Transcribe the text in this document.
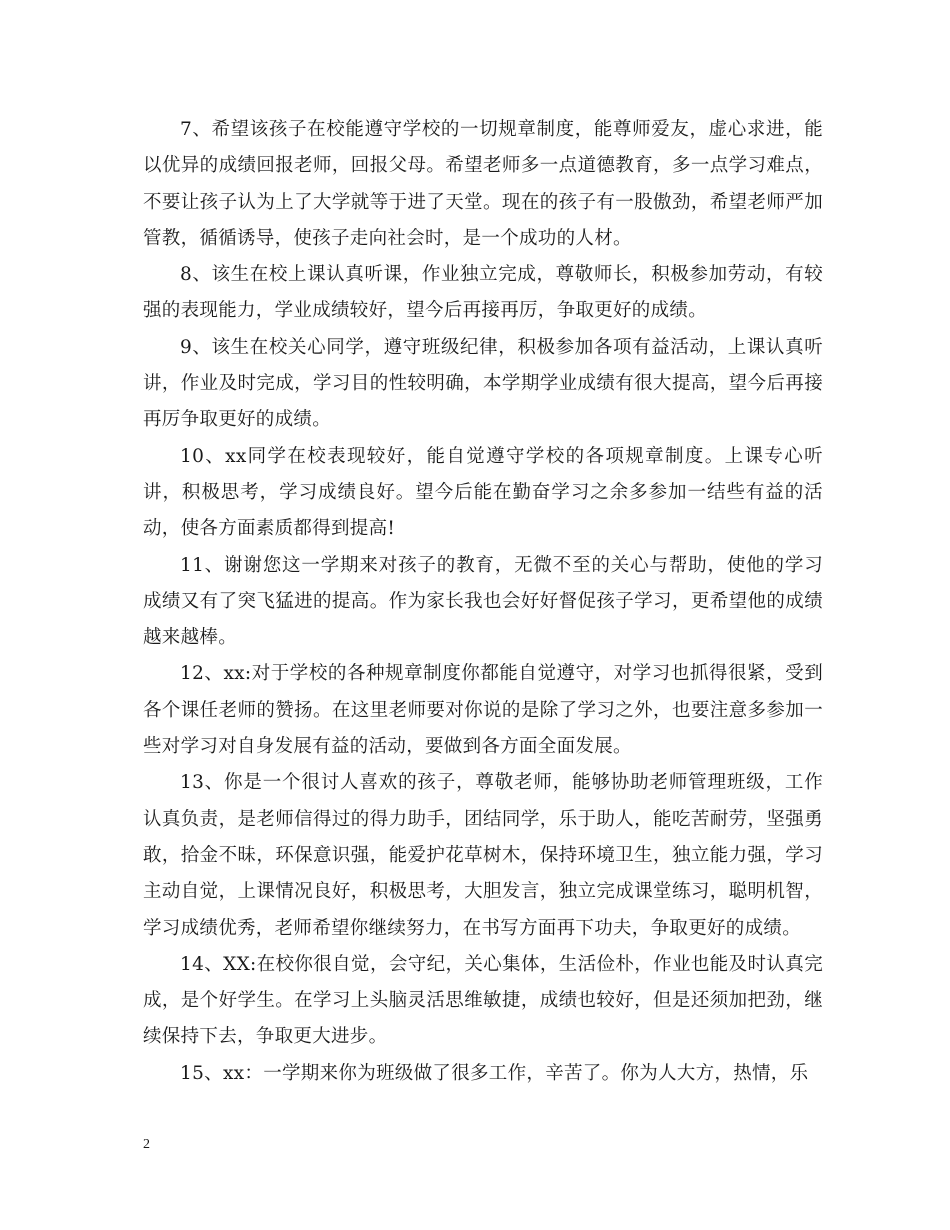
7、希望该孩子在校能遵守学校的一切规章制度，能尊师爱友，虚心求进，能以优异的成绩回报老师，回报父母。希望老师多一点道德教育，多一点学习难点，不要让孩子认为上了大学就等于进了天堂。现在的孩子有一股傲劲，希望老师严加管教，循循诱导，使孩子走向社会时，是一个成功的人材。

8、该生在校上课认真听课，作业独立完成，尊敬师长，积极参加劳动，有较强的表现能力，学业成绩较好，望今后再接再厉，争取更好的成绩。

9、该生在校关心同学，遵守班级纪律，积极参加各项有益活动，上课认真听讲，作业及时完成，学习目的性较明确，本学期学业成绩有很大提高，望今后再接再厉争取更好的成绩。

10、xx同学在校表现较好，能自觉遵守学校的各项规章制度。上课专心听讲，积极思考，学习成绩良好。望今后能在勤奋学习之余多参加一结些有益的活动，使各方面素质都得到提高!

11、谢谢您这一学期来对孩子的教育，无微不至的关心与帮助，使他的学习成绩又有了突飞猛进的提高。作为家长我也会好好督促孩子学习，更希望他的成绩越来越棒。

12、xx:对于学校的各种规章制度你都能自觉遵守，对学习也抓得很紧，受到各个课任老师的赞扬。在这里老师要对你说的是除了学习之外，也要注意多参加一些对学习对自身发展有益的活动，要做到各方面全面发展。

13、你是一个很讨人喜欢的孩子，尊敬老师，能够协助老师管理班级，工作认真负责，是老师信得过的得力助手，团结同学，乐于助人，能吃苦耐劳，坚强勇敢，拾金不昧，环保意识强，能爱护花草树木，保持环境卫生，独立能力强，学习主动自觉，上课情况良好，积极思考，大胆发言，独立完成课堂练习，聪明机智，学习成绩优秀，老师希望你继续努力，在书写方面再下功夫，争取更好的成绩。

14、XX:在校你很自觉，会守纪，关心集体，生活俭朴，作业也能及时认真完成，是个好学生。在学习上头脑灵活思维敏捷，成绩也较好，但是还须加把劲，继续保持下去，争取更大进步。

15、xx：一学期来你为班级做了很多工作，辛苦了。你为人大方，热情，乐

2
